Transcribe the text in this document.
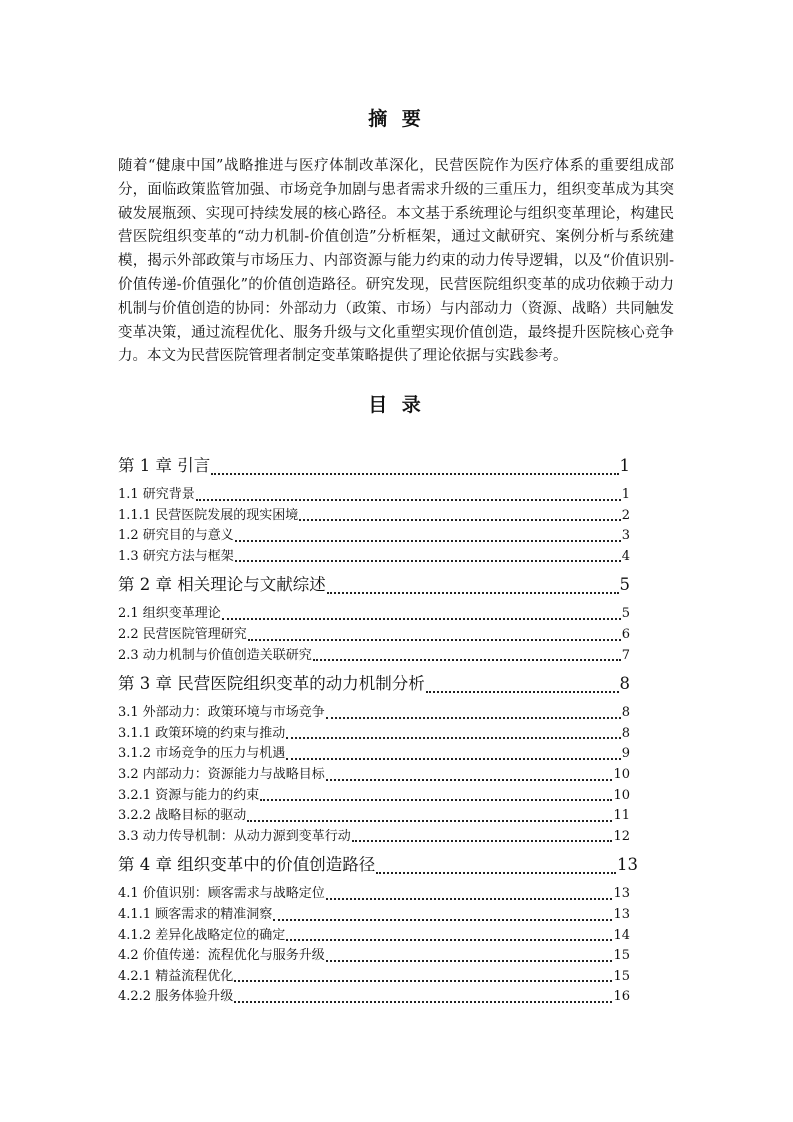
摘 要
随着“健康中国”战略推进与医疗体制改革深化，民营医院作为医疗体系的重要组成部分，面临政策监管加强、市场竞争加剧与患者需求升级的三重压力，组织变革成为其突破发展瓶颈、实现可持续发展的核心路径。本文基于系统理论与组织变革理论，构建民营医院组织变革的“动力机制-价值创造”分析框架，通过文献研究、案例分析与系统建模，揭示外部政策与市场压力、内部资源与能力约束的动力传导逻辑，以及“价值识别-价值传递-价值强化”的价值创造路径。研究发现，民营医院组织变革的成功依赖于动力机制与价值创造的协同：外部动力（政策、市场）与内部动力（资源、战略）共同触发变革决策，通过流程优化、服务升级与文化重塑实现价值创造，最终提升医院核心竞争力。本文为民营医院管理者制定变革策略提供了理论依据与实践参考。
目 录
第 1 章 引言	1
1.1 研究背景	1
1.1.1 民营医院发展的现实困境	2
1.2 研究目的与意义	3
1.3 研究方法与框架	4
第 2 章 相关理论与文献综述	5
2.1 组织变革理论	5
2.2 民营医院管理研究	6
2.3 动力机制与价值创造关联研究	7
第 3 章 民营医院组织变革的动力机制分析	8
3.1 外部动力：政策环境与市场竞争	8
3.1.1 政策环境的约束与推动	8
3.1.2 市场竞争的压力与机遇	9
3.2 内部动力：资源能力与战略目标	10
3.2.1 资源与能力的约束	10
3.2.2 战略目标的驱动	11
3.3 动力传导机制：从动力源到变革行动	12
第 4 章 组织变革中的价值创造路径	13
4.1 价值识别：顾客需求与战略定位	13
4.1.1 顾客需求的精准洞察	13
4.1.2 差异化战略定位的确定	14
4.2 价值传递：流程优化与服务升级	15
4.2.1 精益流程优化	15
4.2.2 服务体验升级	16
